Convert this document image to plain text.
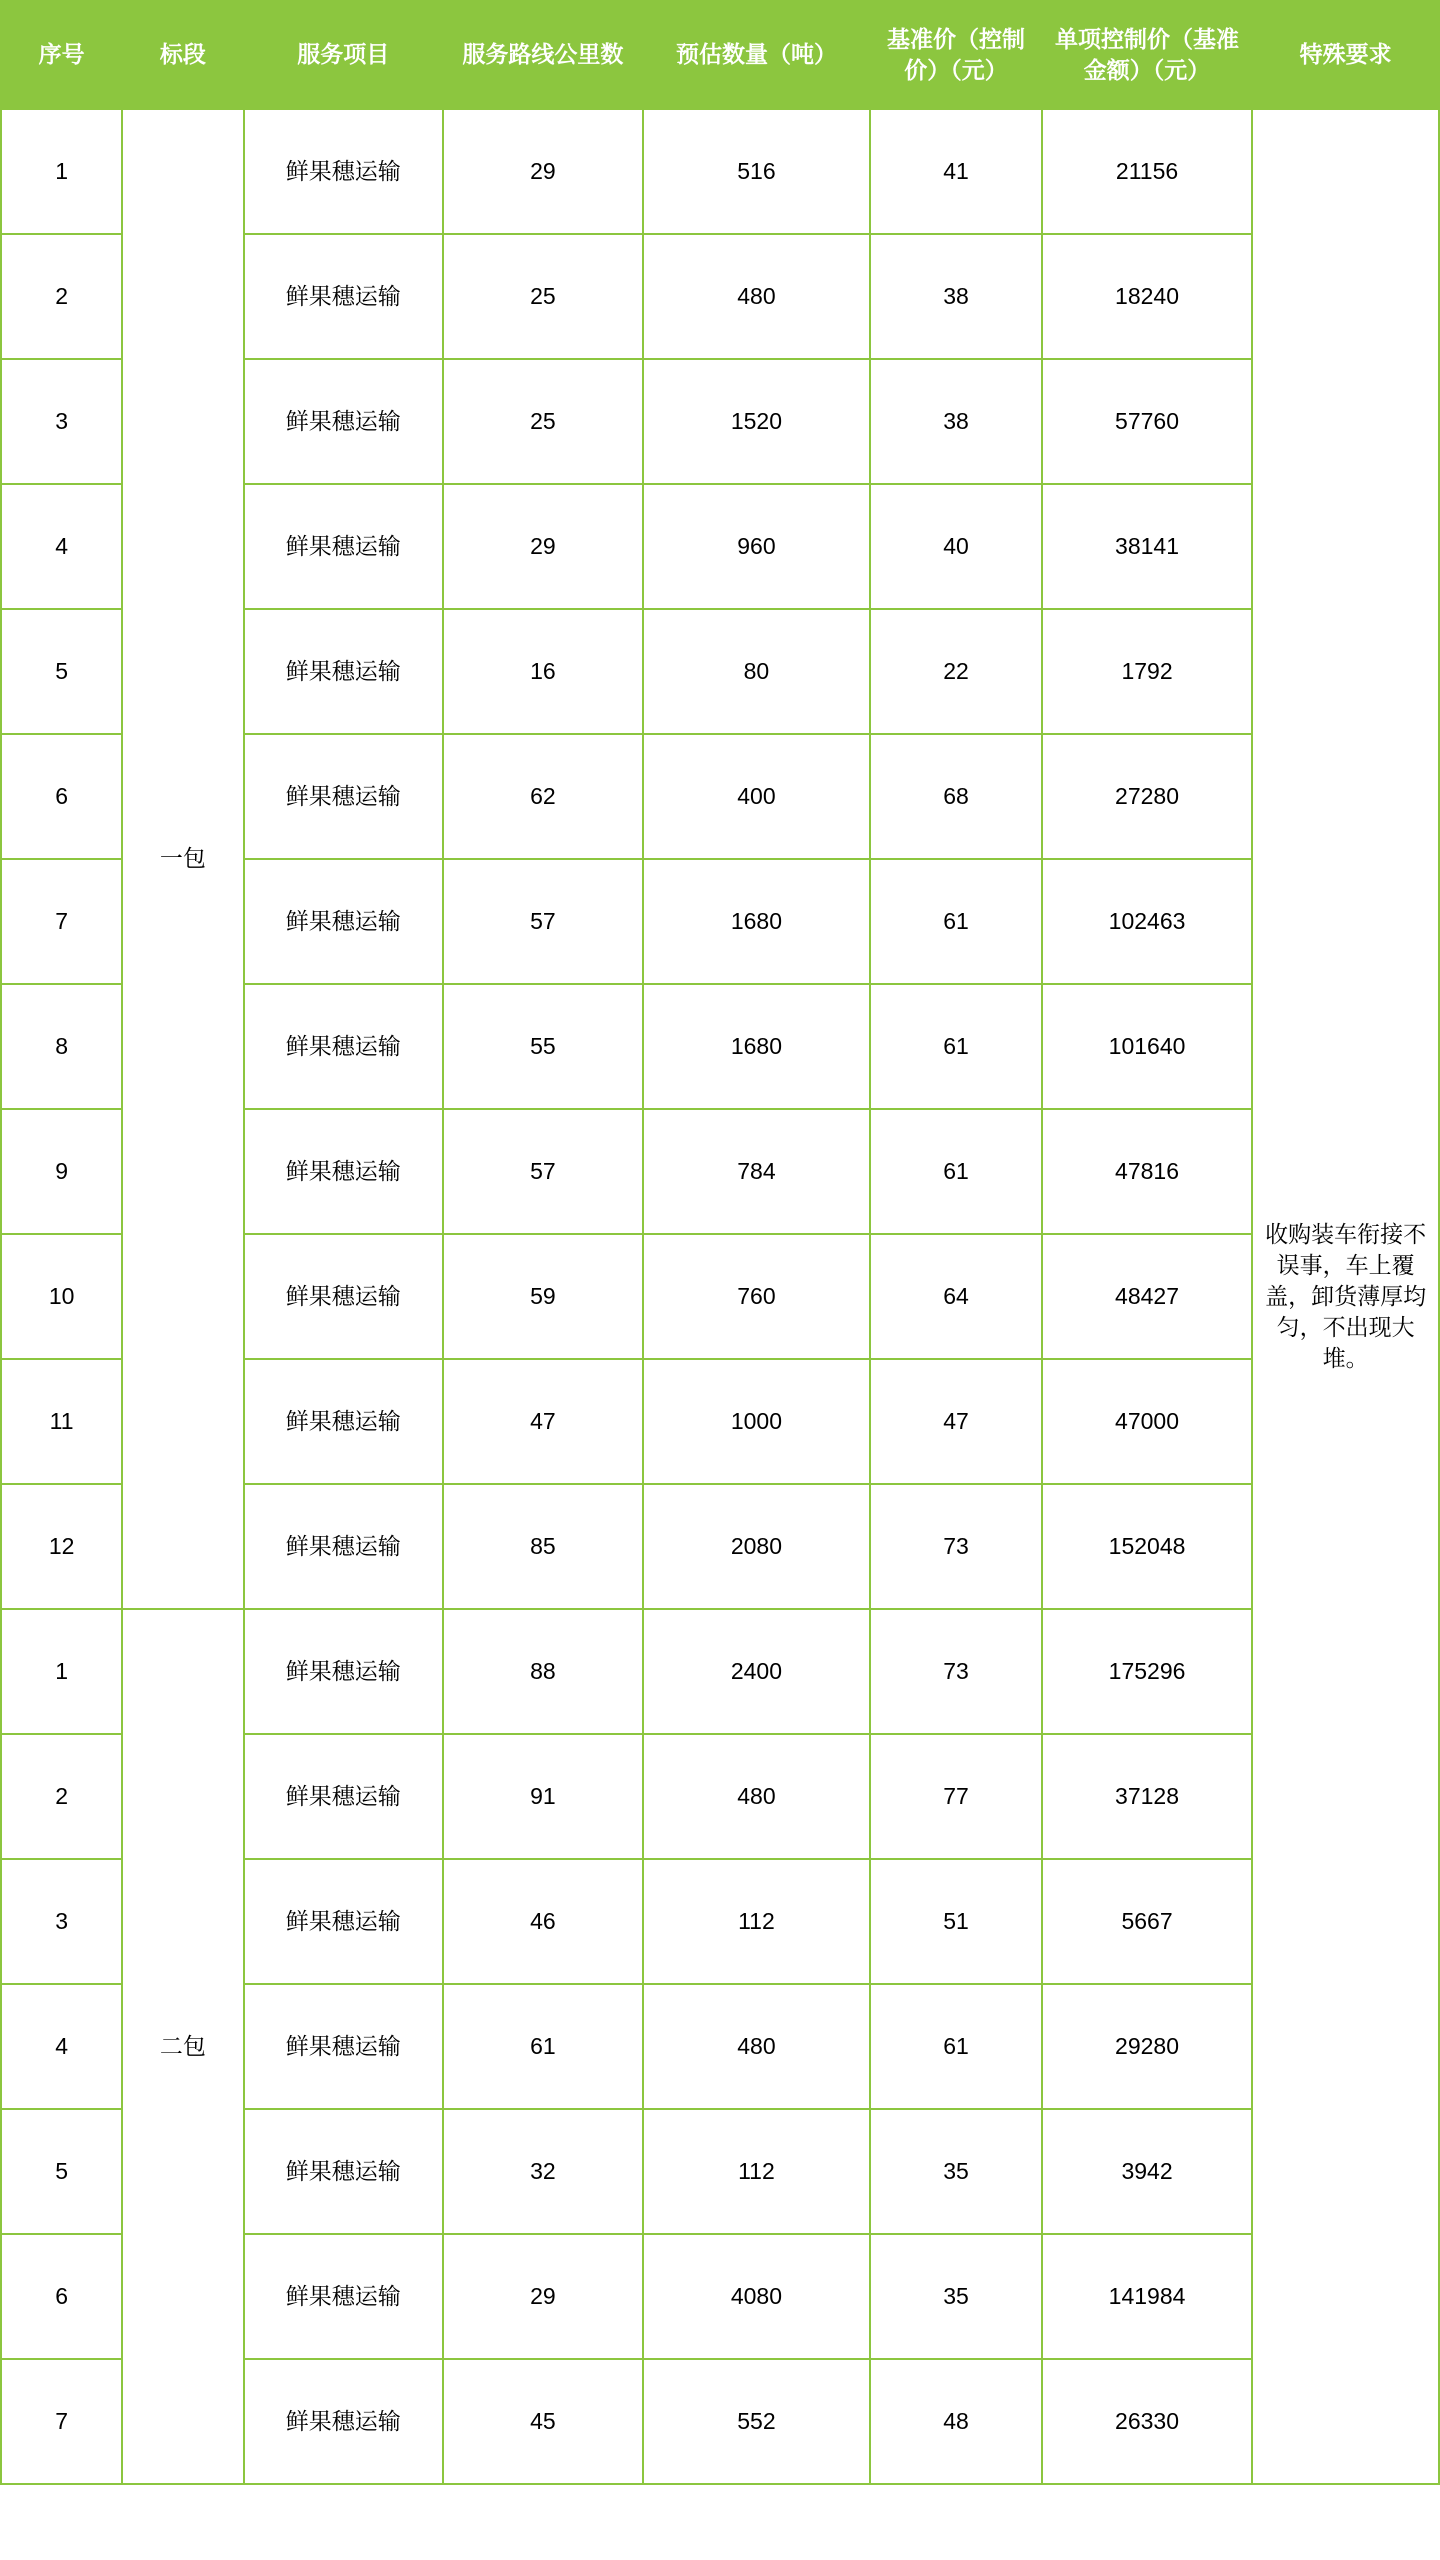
序号	标段	服务项目	服务路线公里数	预估数量（吨）	基准价（控制价）（元）	单项控制价（基准金额）（元）	特殊要求
1	一包	鲜果穗运输	29	516	41	21156	收购装车衔接不误事，车上覆盖，卸货薄厚均匀，不出现大堆。
2		鲜果穗运输	25	480	38	18240	
3		鲜果穗运输	25	1520	38	57760	
4		鲜果穗运输	29	960	40	38141	
5		鲜果穗运输	16	80	22	1792	
6		鲜果穗运输	62	400	68	27280	
7		鲜果穗运输	57	1680	61	102463	
8		鲜果穗运输	55	1680	61	101640	
9		鲜果穗运输	57	784	61	47816	
10		鲜果穗运输	59	760	64	48427	
11		鲜果穗运输	47	1000	47	47000	
12		鲜果穗运输	85	2080	73	152048	
1	二包	鲜果穗运输	88	2400	73	175296	
2		鲜果穗运输	91	480	77	37128	
3		鲜果穗运输	46	112	51	5667	
4		鲜果穗运输	61	480	61	29280	
5		鲜果穗运输	32	112	35	3942	
6		鲜果穗运输	29	4080	35	141984	
7		鲜果穗运输	45	552	48	26330	
